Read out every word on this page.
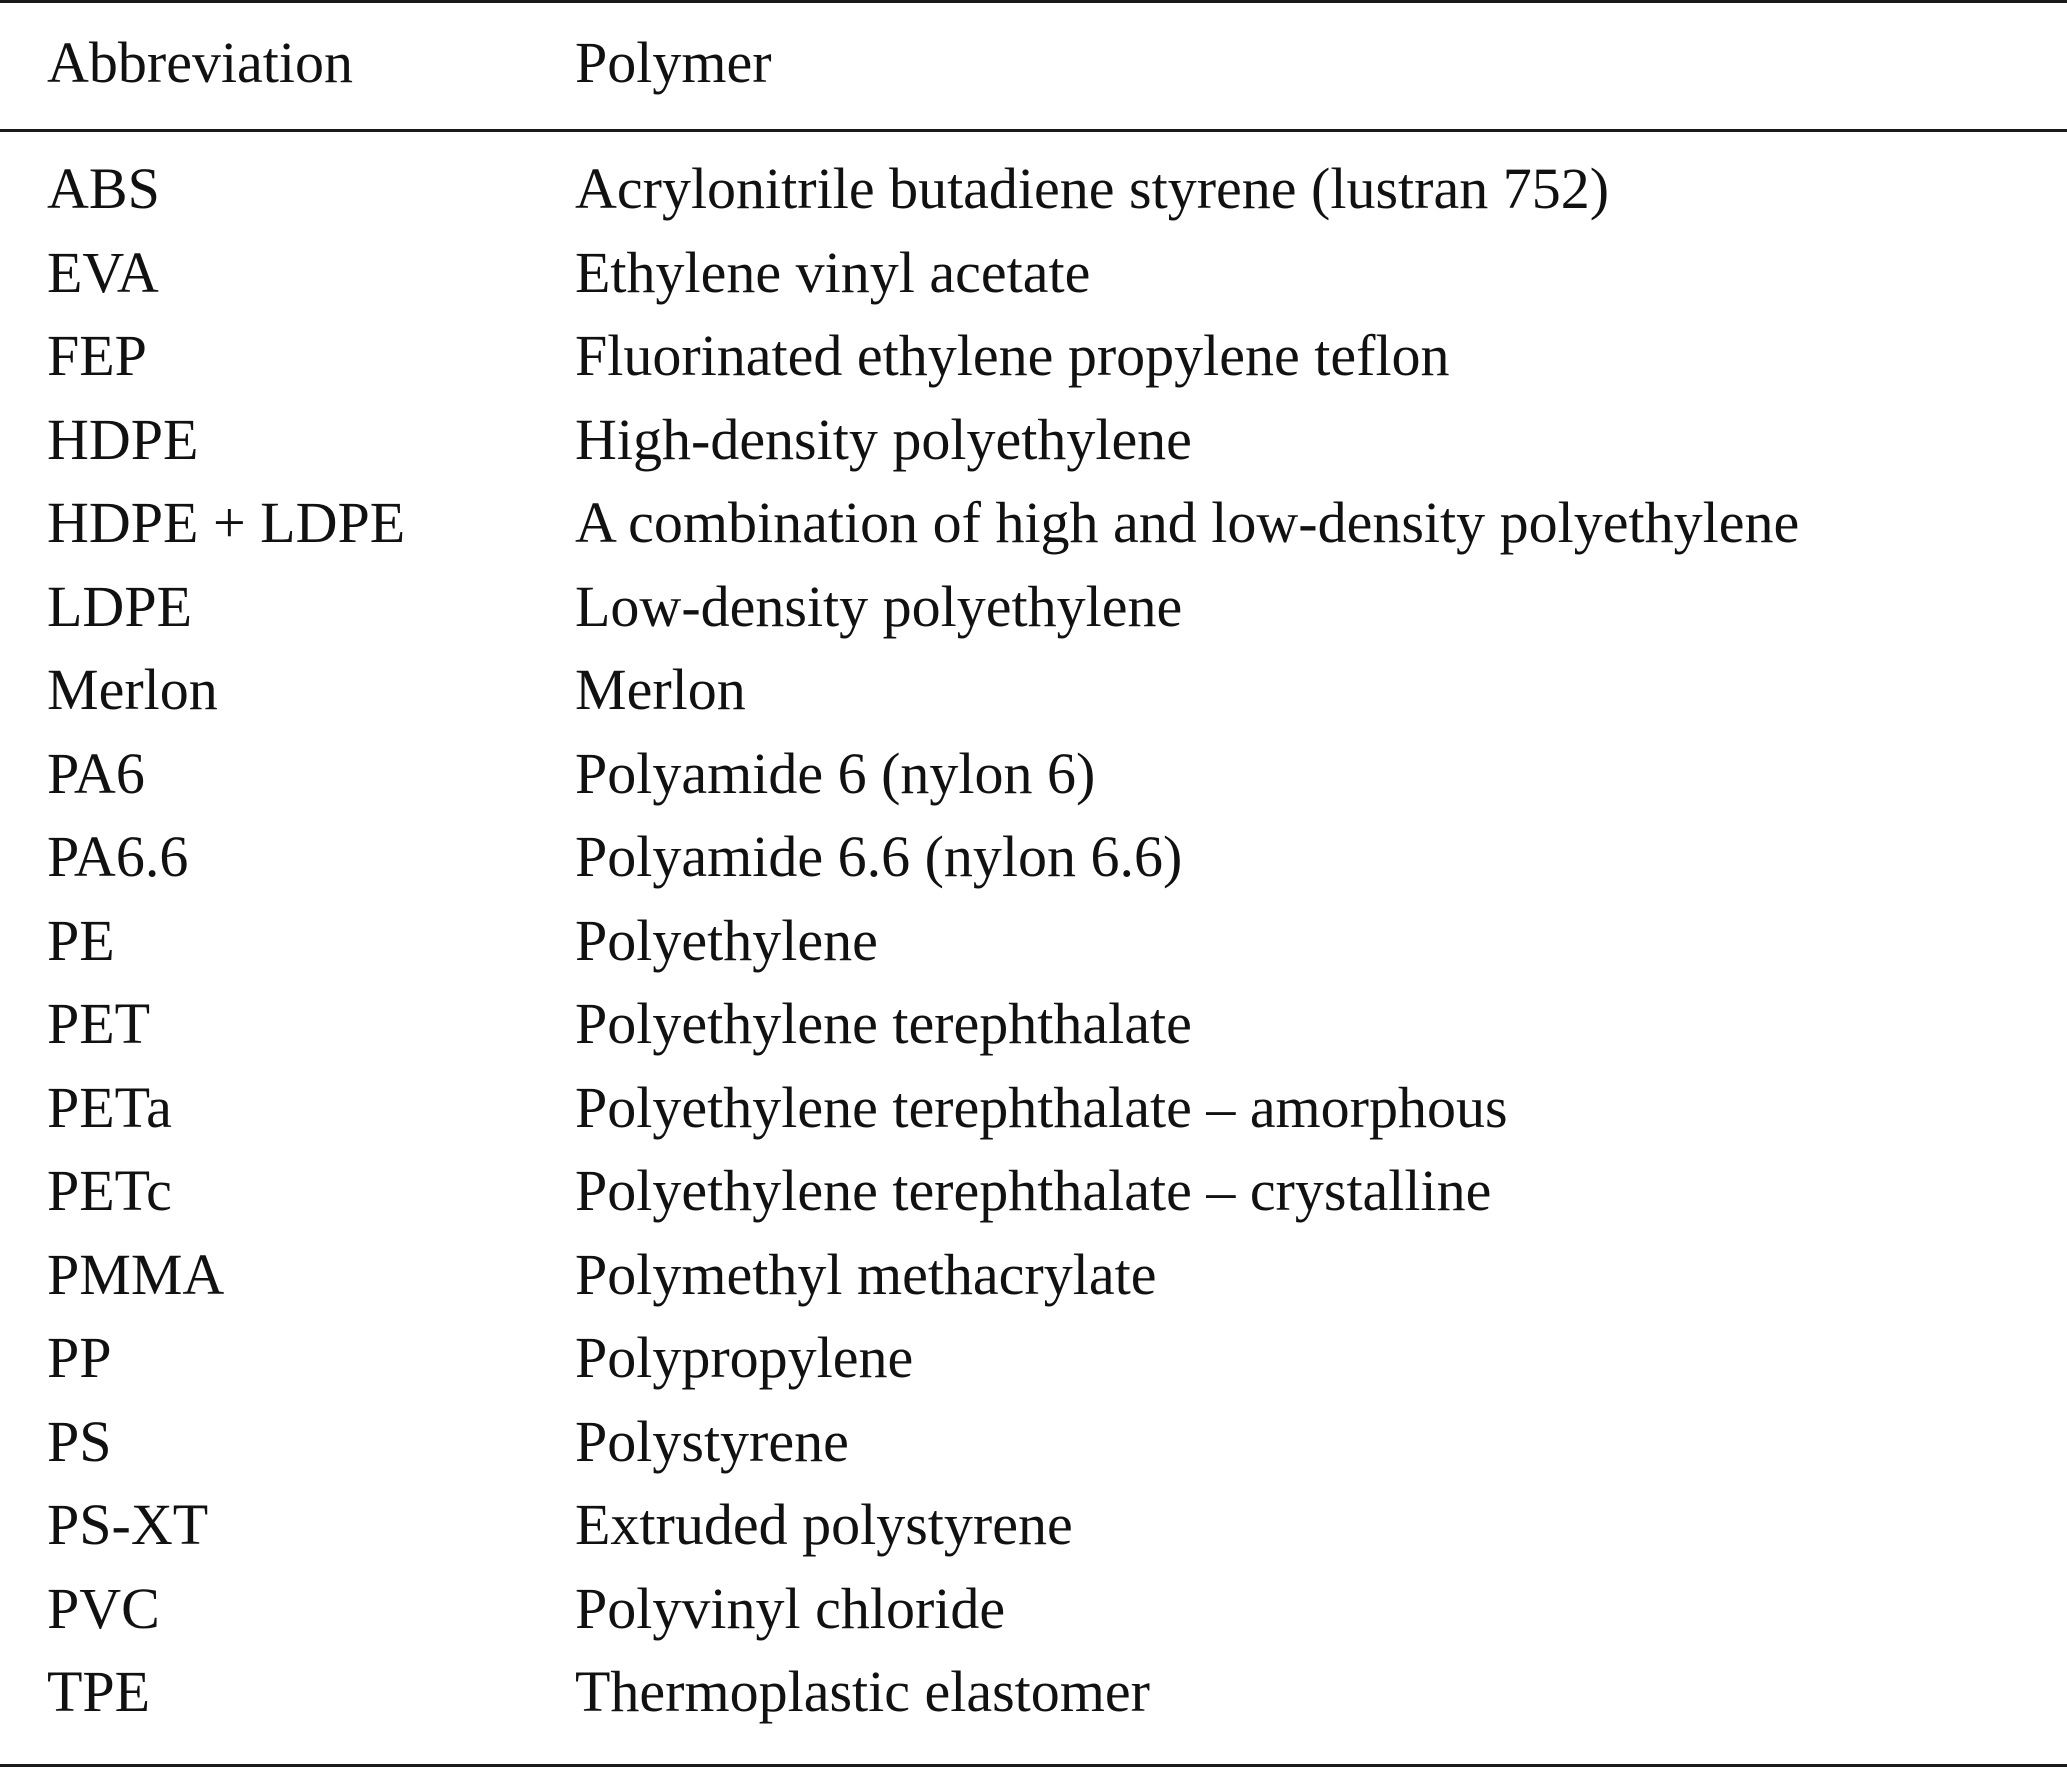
Abbreviation	Polymer
ABS	Acrylonitrile butadiene styrene (lustran 752)
EVA	Ethylene vinyl acetate
FEP	Fluorinated ethylene propylene teflon
HDPE	High-density polyethylene
HDPE + LDPE	A combination of high and low-density polyethylene
LDPE	Low-density polyethylene
Merlon	Merlon
PA6	Polyamide 6 (nylon 6)
PA6.6	Polyamide 6.6 (nylon 6.6)
PE	Polyethylene
PET	Polyethylene terephthalate
PETa	Polyethylene terephthalate – amorphous
PETc	Polyethylene terephthalate – crystalline
PMMA	Polymethyl methacrylate
PP	Polypropylene
PS	Polystyrene
PS-XT	Extruded polystyrene
PVC	Polyvinyl chloride
TPE	Thermoplastic elastomer
